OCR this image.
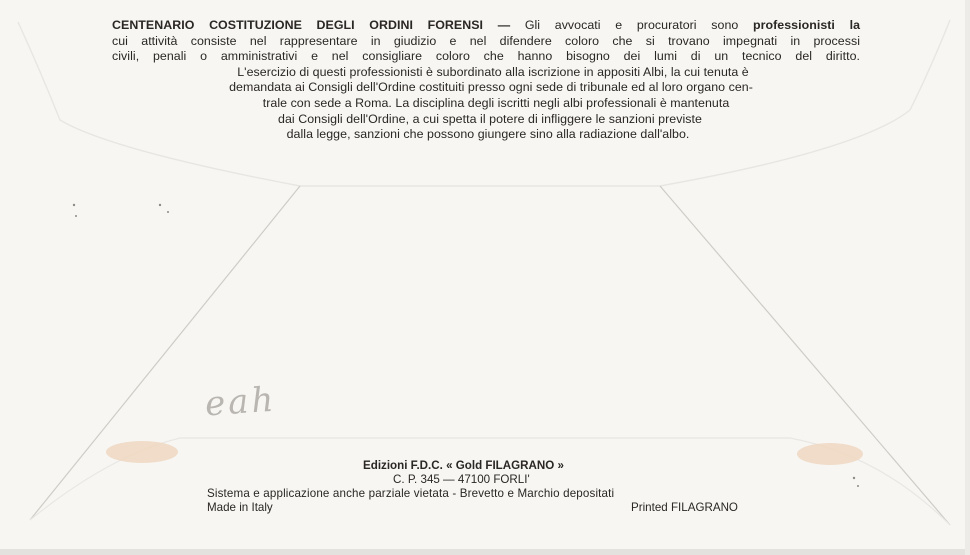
CENTENARIO COSTITUZIONE DEGLI ORDINI FORENSI — Gli avvocati e procuratori sono professionisti la
cui attività consiste nel rappresentare in giudizio e nel difendere coloro che si trovano impegnati in processi
civili, penali o amministrativi e nel consigliare coloro che hanno bisogno dei lumi di un tecnico del diritto.
L'esercizio di questi professionisti è subordinato alla iscrizione in appositi Albi, la cui tenuta è
demandata ai Consigli dell'Ordine costituiti presso ogni sede di tribunale ed al loro organo cen-
trale con sede a Roma. La disciplina degli iscritti negli albi professionali è mantenuta
dai Consigli dell'Ordine, a cui spetta il potere di infliggere le sanzioni previste
dalla legge, sanzioni che possono giungere sino alla radiazione dall'albo.
eah
Edizioni F.D.C. « Gold FILAGRANO »
C. P. 345 — 47100 FORLI'
Sistema e applicazione anche parziale vietata - Brevetto e Marchio depositati
Made in Italy	Printed FILAGRANO
